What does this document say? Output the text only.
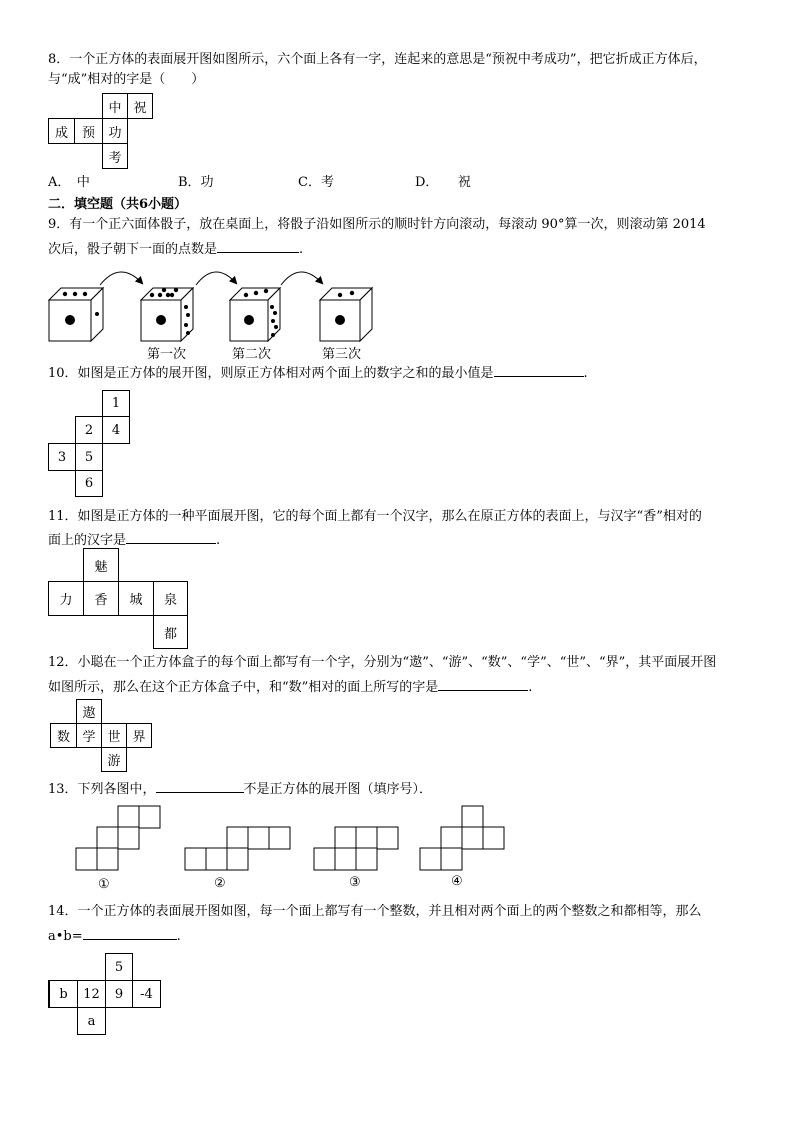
8．一个正方体的表面展开图如图所示，六个面上各有一字，连起来的意思是“预祝中考成功”，把它折成正方体后，
与“成”相对的字是（　　）
中 祝
成	预	功
考
A．　中	B．功	C．考	D．　　祝
二．填空题（共6小题）
9．有一个正六面体骰子，放在桌面上，将骰子沿如图所示的顺时针方向滚动，每滚动 90°算一次，则滚动第 2014
次后，骰子朝下一面的点数是	.
第一次	第二次	第三次
10．如图是正方体的展开图，则原正方体相对两个面上的数字之和的最小值是	.
1
2	4
3	5
6
11．如图是正方体的一种平面展开图，它的每个面上都有一个汉字，那么在原正方体的表面上，与汉字“香”相对的
面上的汉字是	.
魅
力	香	城	泉
都
12．小聪在一个正方体盒子的每个面上都写有一个字，分别为“遨”、“游”、“数”、“学”、“世”、“界”，其平面展开图
如图所示，那么在这个正方体盒子中，和“数”相对的面上所写的字是	.
遨
数 学 世 界
游
13．下列各图中，	不是正方体的展开图（填序号）．
①	②	③	④
14．一个正方体的表面展开图如图，每一个面上都写有一个整数，并且相对两个面上的两个整数之和都相等，那么
a•b=	.
5
b	12	9	-4
a
